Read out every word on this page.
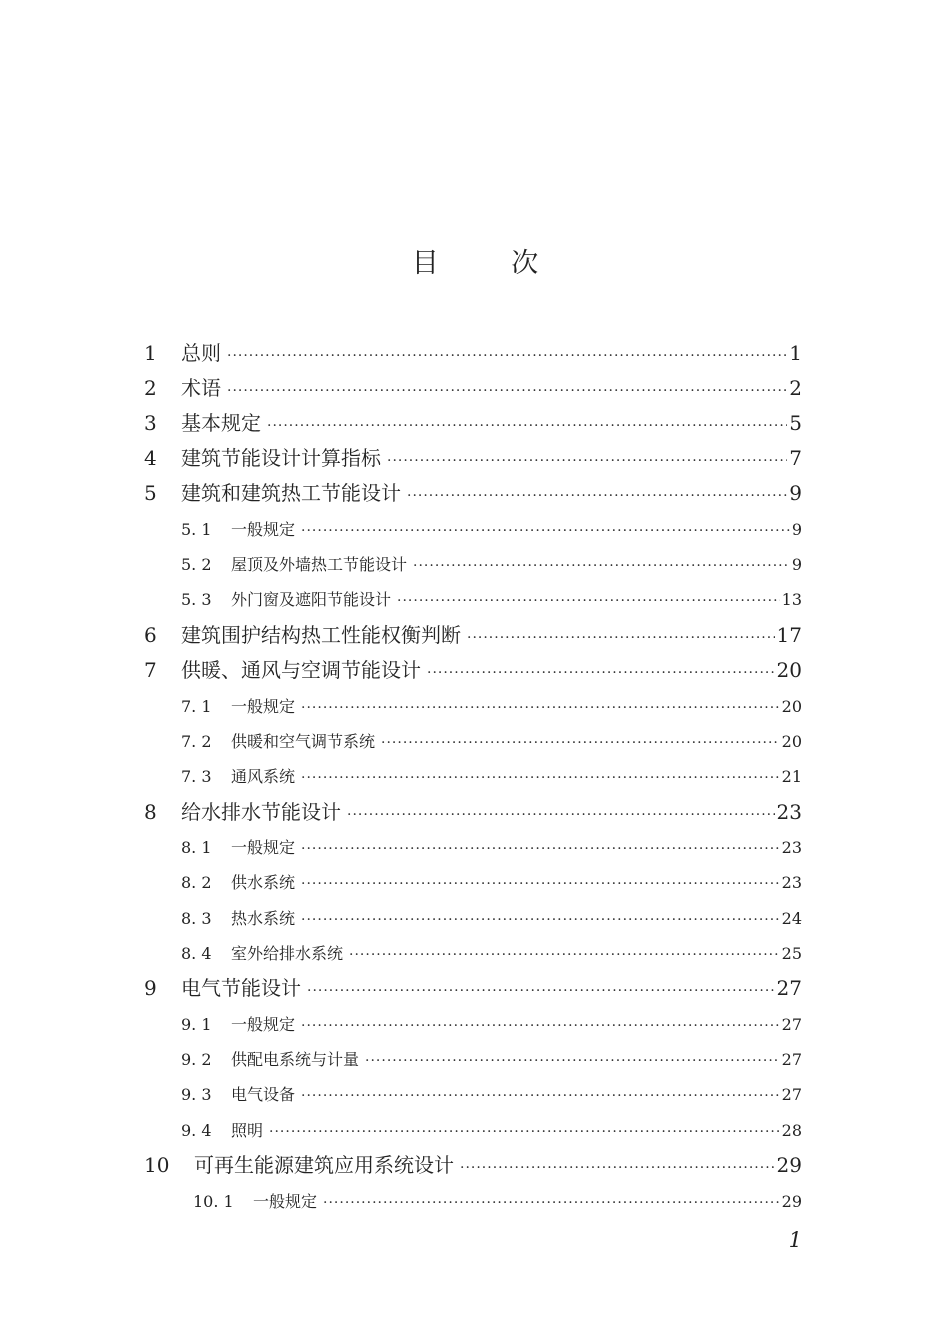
目 次
1	总则 ·····	1
2	术语 ·····	2
3	基本规定 ·····	5
4	建筑节能设计计算指标 ·····	7
5	建筑和建筑热工节能设计 ·····	9
5. 1	一般规定 ·····	9
5. 2	屋顶及外墙热工节能设计 ·····	9
5. 3	外门窗及遮阳节能设计 ·····	13
6	建筑围护结构热工性能权衡判断 ·····	17
7	供暖、通风与空调节能设计 ·····	20
7. 1	一般规定 ·····	20
7. 2	供暖和空气调节系统 ·····	20
7. 3	通风系统 ·····	21
8	给水排水节能设计 ·····	23
8. 1	一般规定 ·····	23
8. 2	供水系统 ·····	23
8. 3	热水系统 ·····	24
8. 4	室外给排水系统 ·····	25
9	电气节能设计 ·····	27
9. 1	一般规定 ·····	27
9. 2	供配电系统与计量 ·····	27
9. 3	电气设备 ·····	27
9. 4	照明 ·····	28
10	可再生能源建筑应用系统设计 ·····	29
10. 1	一般规定 ·····	29
1
